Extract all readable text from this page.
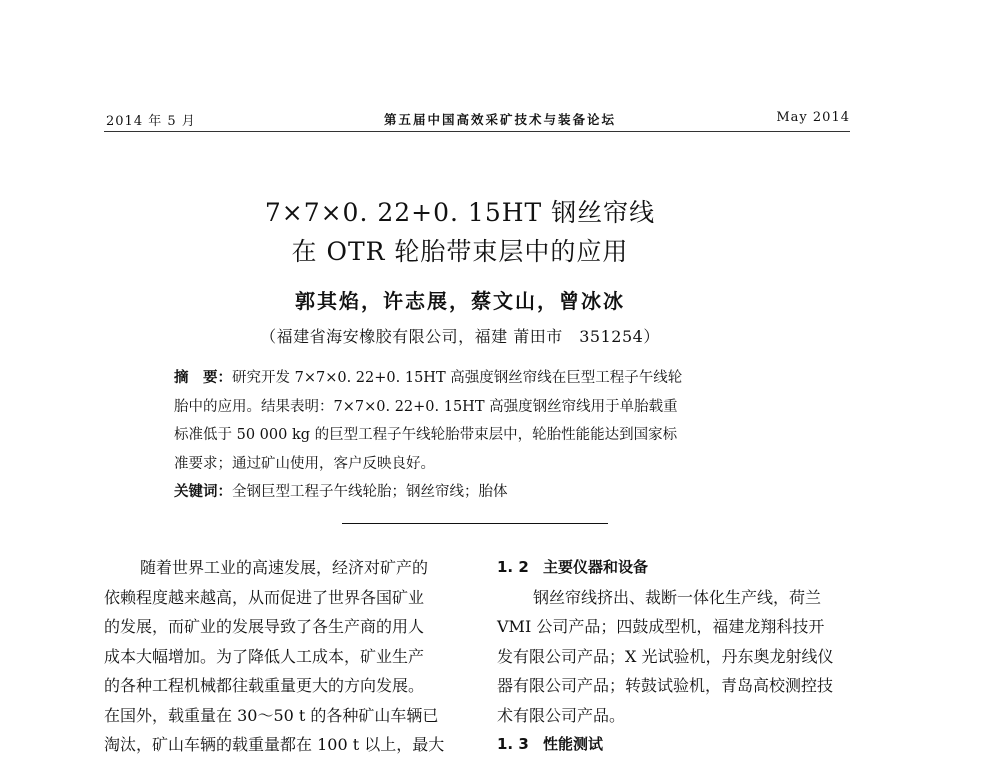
2014 年 5 月	第五届中国高效采矿技术与装备论坛	May 2014
7×7×0. 22+0. 15HT 钢丝帘线
在 OTR 轮胎带束层中的应用
郭其焰，许志展，蔡文山，曾冰冰
（福建省海安橡胶有限公司，福建 莆田市　351254）
摘　要：研究开发 7×7×0. 22+0. 15HT 高强度钢丝帘线在巨型工程子午线轮
胎中的应用。结果表明：7×7×0. 22+0. 15HT 高强度钢丝帘线用于单胎载重
标准低于 50 000 kg 的巨型工程子午线轮胎带束层中，轮胎性能能达到国家标
准要求；通过矿山使用，客户反映良好。
关键词：全钢巨型工程子午线轮胎；钢丝帘线；胎体
随着世界工业的高速发展，经济对矿产的
依赖程度越来越高，从而促进了世界各国矿业
的发展，而矿业的发展导致了各生产商的用人
成本大幅增加。为了降低人工成本，矿业生产
的各种工程机械都往载重量更大的方向发展。
在国外，载重量在 30～50 t 的各种矿山车辆已
淘汰，矿山车辆的载重量都在 100 t 以上，最大
1. 2 主要仪器和设备
钢丝帘线挤出、裁断一体化生产线，荷兰
VMI 公司产品；四鼓成型机，福建龙翔科技开
发有限公司产品；X 光试验机，丹东奥龙射线仪
器有限公司产品；转鼓试验机，青岛高校测控技
术有限公司产品。
1. 3 性能测试
